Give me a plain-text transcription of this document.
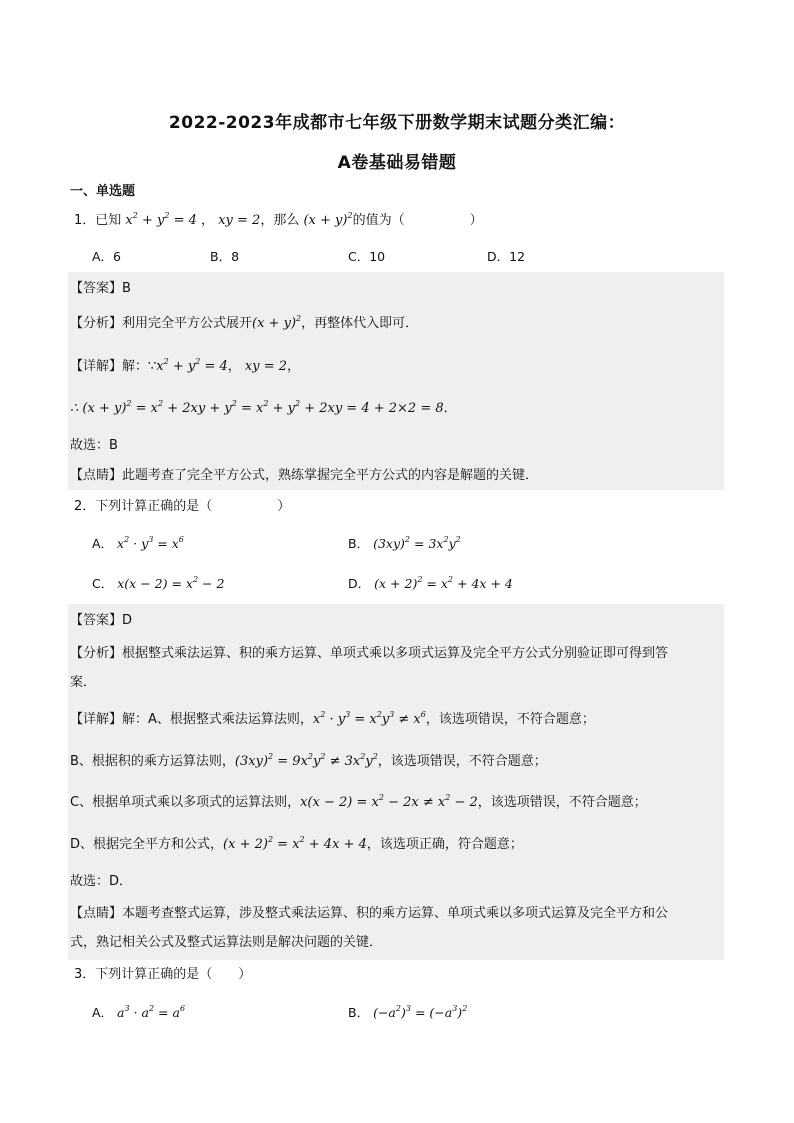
2022-2023年成都市七年级下册数学期末试题分类汇编：
A卷基础易错题
一、单选题
1．已知 $x^2 + y^2 = 4$ ， xy = 2，那么 $(x + y)^2$的值为（　　　　　）
A．6	B．8	C．10	D．12
【答案】B
【分析】利用完全平方公式展开$(x + y)^2$，再整体代入即可．
【详解】解：$\because x^2 + y^2 = 4$， xy = 2，
∴ $(x + y)^2 = x^2 + 2xy + y^2 = x^2 + y^2 + 2xy = 4 + 2\times 2 = 8$．
故选：B
【点睛】此题考查了完全平方公式，熟练掌握完全平方公式的内容是解题的关键．
2．下列计算正确的是（　　　　　）
A． $x^2 \cdot y^3 = x^6$	B． $(3xy)^2 = 3x^2y^2$
C． $x(x - 2) = x^2 - 2$	D． $(x + 2)^2 = x^2 + 4x + 4$
【答案】D
【分析】根据整式乘法运算、积的乘方运算、单项式乘以多项式运算及完全平方公式分别验证即可得到答
案．
【详解】解：A、根据整式乘法运算法则，$x^2 \cdot y^3 = x^2y^3 \ne x^6$，该选项错误，不符合题意；
B、根据积的乘方运算法则，$(3xy)^2 = 9x^2y^2 \ne 3x^2y^2$，该选项错误，不符合题意；
C、根据单项式乘以多项式的运算法则，$x(x - 2) = x^2 - 2x \ne x^2 - 2$，该选项错误，不符合题意；
D、根据完全平方和公式，$(x + 2)^2 = x^2 + 4x + 4$，该选项正确，符合题意；
故选：D．
【点睛】本题考查整式运算，涉及整式乘法运算、积的乘方运算、单项式乘以多项式运算及完全平方和公
式，熟记相关公式及整式运算法则是解决问题的关键．
3．下列计算正确的是（　　）
A． $a^3 \cdot a^2 = a^6$	B． $(-a^2)^3 = (-a^3)^2$
